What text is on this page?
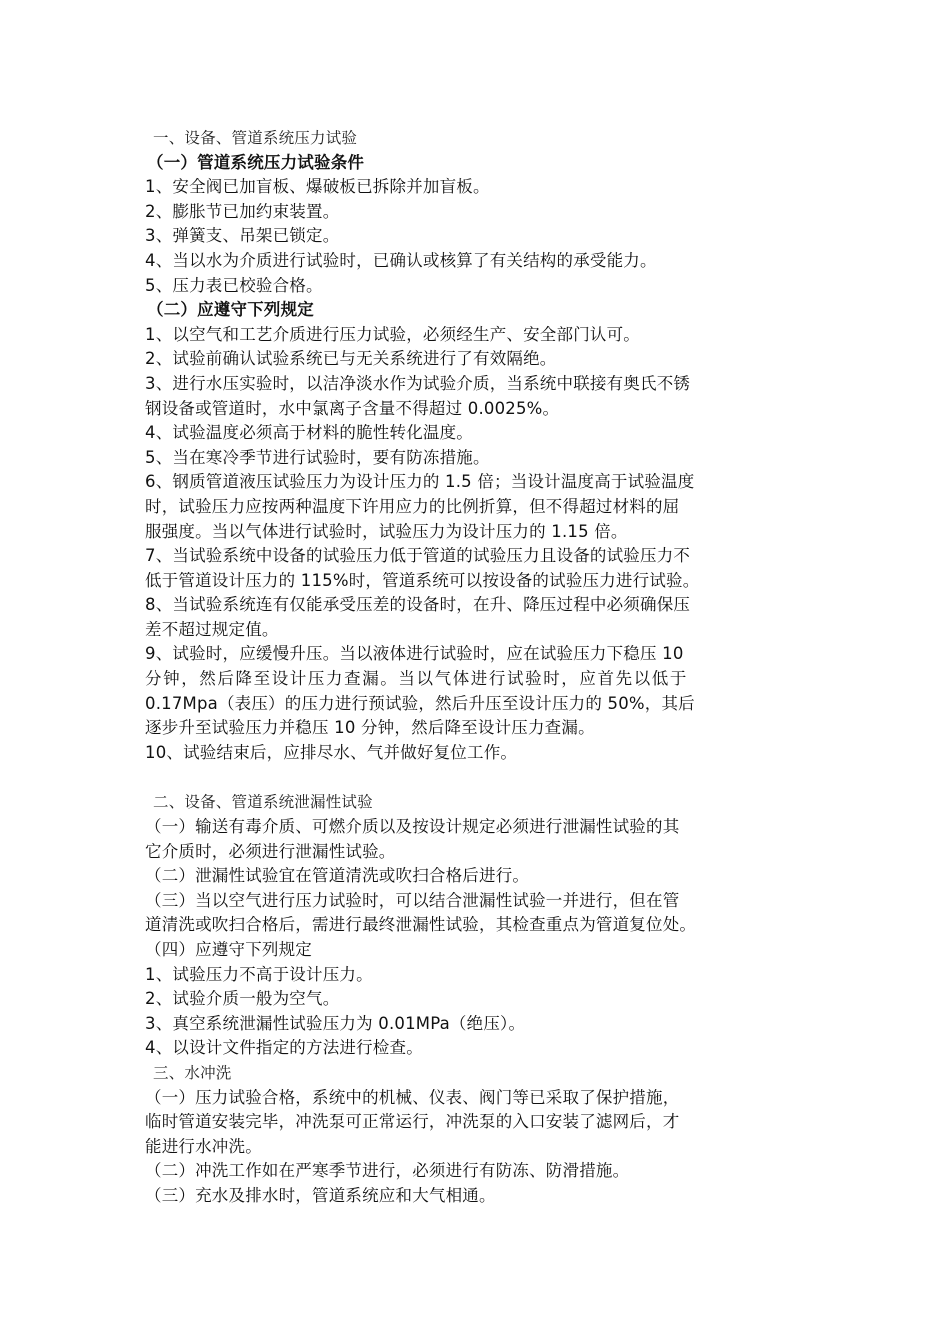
一、设备、管道系统压力试验
（一）管道系统压力试验条件
1、安全阀已加盲板、爆破板已拆除并加盲板。
2、膨胀节已加约束装置。
3、弹簧支、吊架已锁定。
4、当以水为介质进行试验时，已确认或核算了有关结构的承受能力。
5、压力表已校验合格。
（二）应遵守下列规定
1、以空气和工艺介质进行压力试验，必须经生产、安全部门认可。
2、试验前确认试验系统已与无关系统进行了有效隔绝。
3、进行水压实验时，以洁净淡水作为试验介质，当系统中联接有奥氏不锈
钢设备或管道时，水中氯离子含量不得超过 0.0025%。
4、试验温度必须高于材料的脆性转化温度。
5、当在寒冷季节进行试验时，要有防冻措施。
6、钢质管道液压试验压力为设计压力的 1.5 倍；当设计温度高于试验温度
时，试验压力应按两种温度下许用应力的比例折算，但不得超过材料的屈
服强度。当以气体进行试验时，试验压力为设计压力的 1.15 倍。
7、当试验系统中设备的试验压力低于管道的试验压力且设备的试验压力不
低于管道设计压力的 115%时，管道系统可以按设备的试验压力进行试验。
8、当试验系统连有仅能承受压差的设备时，在升、降压过程中必须确保压
差不超过规定值。
9、试验时，应缓慢升压。当以液体进行试验时，应在试验压力下稳压 10
分钟，然后降至设计压力查漏。当以气体进行试验时，应首先以低于
0.17Mpa（表压）的压力进行预试验，然后升压至设计压力的 50%，其后
逐步升至试验压力并稳压 10 分钟，然后降至设计压力查漏。
10、试验结束后，应排尽水、气并做好复位工作。
二、设备、管道系统泄漏性试验
（一）输送有毒介质、可燃介质以及按设计规定必须进行泄漏性试验的其
它介质时，必须进行泄漏性试验。
（二）泄漏性试验宜在管道清洗或吹扫合格后进行。
（三）当以空气进行压力试验时，可以结合泄漏性试验一并进行，但在管
道清洗或吹扫合格后，需进行最终泄漏性试验，其检查重点为管道复位处。
（四）应遵守下列规定
1、试验压力不高于设计压力。
2、试验介质一般为空气。
3、真空系统泄漏性试验压力为 0.01MPa（绝压）。
4、以设计文件指定的方法进行检查。
三、水冲洗
（一）压力试验合格，系统中的机械、仪表、阀门等已采取了保护措施，
临时管道安装完毕，冲洗泵可正常运行，冲洗泵的入口安装了滤网后，才
能进行水冲洗。
（二）冲洗工作如在严寒季节进行，必须进行有防冻、防滑措施。
（三）充水及排水时，管道系统应和大气相通。
